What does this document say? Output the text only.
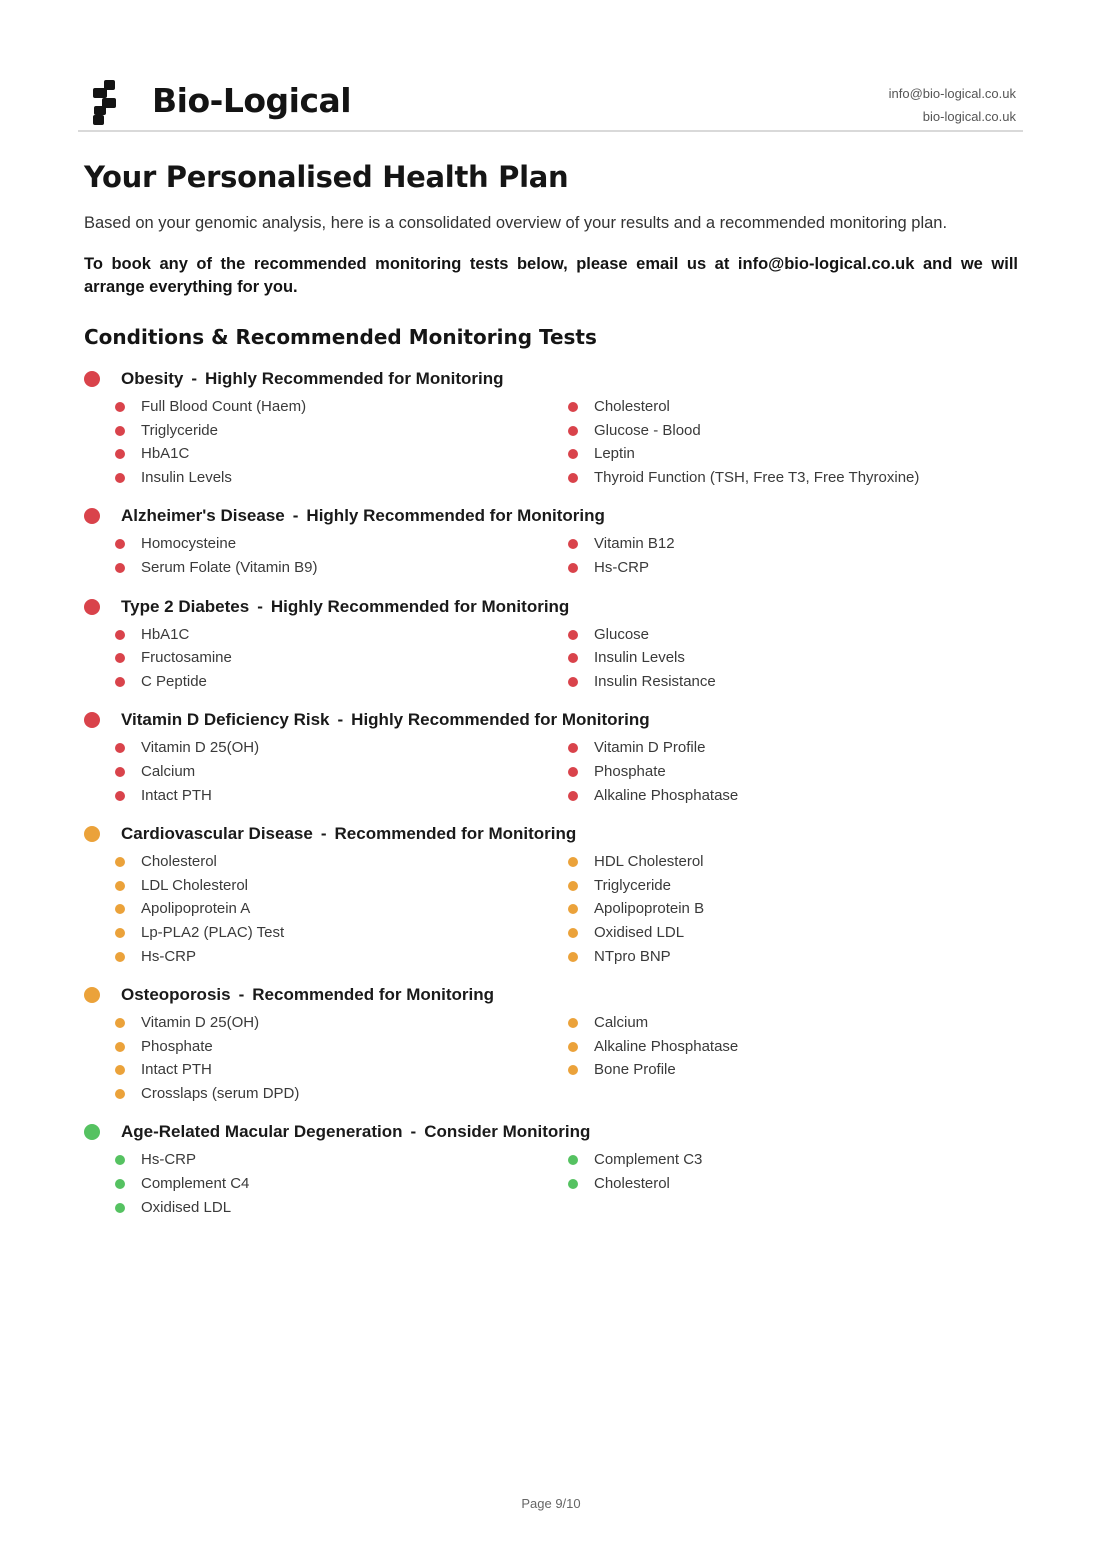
Bio-Logical	info@bio-logical.co.uk
bio-logical.co.uk
Your Personalised Health Plan

Based on your genomic analysis, here is a consolidated overview of your results and a recommended monitoring plan.

To book any of the recommended monitoring tests below, please email us at info@bio-logical.co.uk and we will arrange everything for you.

Conditions & Recommended Monitoring Tests
Obesity - Highly Recommended for Monitoring
Full Blood Count (Haem)	Cholesterol
Triglyceride	Glucose - Blood
HbA1C	Leptin
Insulin Levels	Thyroid Function (TSH, Free T3, Free Thyroxine)
Alzheimer's Disease - Highly Recommended for Monitoring
Homocysteine	Vitamin B12
Serum Folate (Vitamin B9)	Hs-CRP
Type 2 Diabetes - Highly Recommended for Monitoring
HbA1C	Glucose
Fructosamine	Insulin Levels
C Peptide	Insulin Resistance
Vitamin D Deficiency Risk - Highly Recommended for Monitoring
Vitamin D 25(OH)	Vitamin D Profile
Calcium	Phosphate
Intact PTH	Alkaline Phosphatase
Cardiovascular Disease - Recommended for Monitoring
Cholesterol	HDL Cholesterol
LDL Cholesterol	Triglyceride
Apolipoprotein A	Apolipoprotein B
Lp-PLA2 (PLAC) Test	Oxidised LDL
Hs-CRP	NTpro BNP
Osteoporosis - Recommended for Monitoring
Vitamin D 25(OH)	Calcium
Phosphate	Alkaline Phosphatase
Intact PTH	Bone Profile
Crosslaps (serum DPD)
Age-Related Macular Degeneration - Consider Monitoring
Hs-CRP	Complement C3
Complement C4	Cholesterol
Oxidised LDL
Page 9/10
